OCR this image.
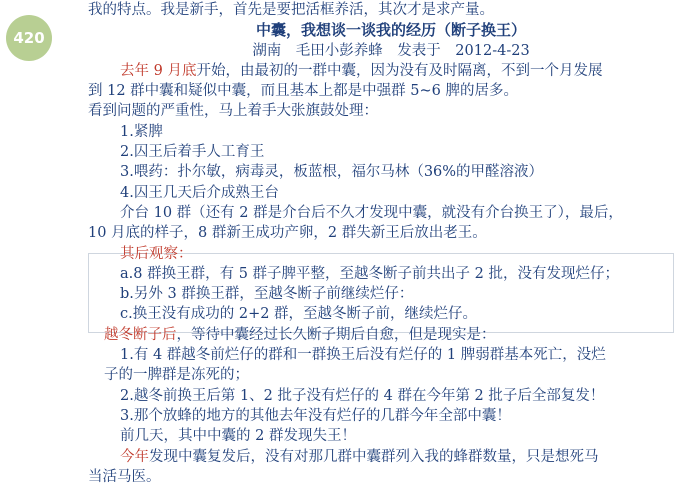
420
我的特点。我是新手，首先是要把活框养活，其次才是求产量。
中囊，我想谈一谈我的经历（断子换王）
湖南　毛田小彭养蜂　发表于　2012-4-23
去年 9 月底开始，由最初的一群中囊，因为没有及时隔离，不到一个月发展
到 12 群中囊和疑似中囊，而且基本上都是中强群 5~6 脾的居多。
看到问题的严重性，马上着手大张旗鼓处理：
1.紧脾
2.囚王后着手人工育王
3.喂药：扑尔敏，病毒灵，板蓝根，福尔马林（36%的甲醛溶液）
4.囚王几天后介成熟王台
介台 10 群（还有 2 群是介台后不久才发现中囊，就没有介台换王了），最后，
10 月底的样子，8 群新王成功产卵，2 群失新王后放出老王。
其后观察：
a.8 群换王群，有 5 群子脾平整，至越冬断子前共出子 2 批，没有发现烂仔；
b.另外 3 群换王群，至越冬断子前继续烂仔：
c.换王没有成功的 2+2 群，至越冬断子前，继续烂仔。
越冬断子后，等待中囊经过长久断子期后自愈，但是现实是：
1.有 4 群越冬前烂仔的群和一群换王后没有烂仔的 1 脾弱群基本死亡，没烂
子的一脾群是冻死的；
2.越冬前换王后第 1、2 批子没有烂仔的 4 群在今年第 2 批子后全部复发！
3.那个放蜂的地方的其他去年没有烂仔的几群今年全部中囊！
前几天，其中中囊的 2 群发现失王！
今年发现中囊复发后，没有对那几群中囊群列入我的蜂群数量，只是想死马
当活马医。
